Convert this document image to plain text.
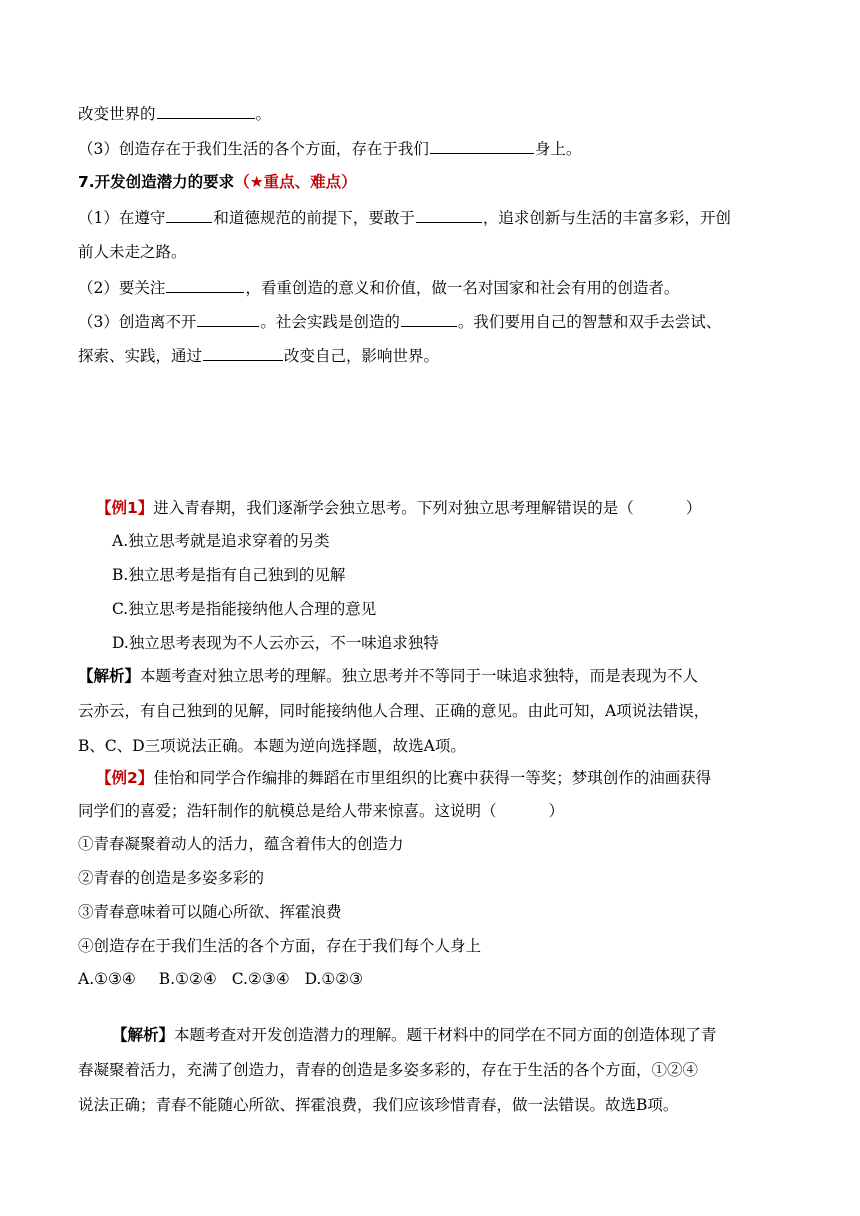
改变世界的	。
（3）创造存在于我们生活的各个方面，存在于我们	身上。
7.开发创造潜力的要求（★重点、难点）
（1）在遵守	和道德规范的前提下，要敢于	，追求创新与生活的丰富多彩，开创
前人未走之路。
（2）要关注	，看重创造的意义和价值，做一名对国家和社会有用的创造者。
（3）创造离不开	。社会实践是创造的	。我们要用自己的智慧和双手去尝试、
探索、实践，通过	改变自己，影响世界。
【例1】进入青春期，我们逐渐学会独立思考。下列对独立思考理解错误的是（	）
A.独立思考就是追求穿着的另类
B.独立思考是指有自己独到的见解
C.独立思考是指能接纳他人合理的意见
D.独立思考表现为不人云亦云，不一味追求独特
【解析】本题考查对独立思考的理解。独立思考并不等同于一味追求独特，而是表现为不人
云亦云，有自己独到的见解，同时能接纳他人合理、正确的意见。由此可知，A项说法错误，
B、C、D三项说法正确。本题为逆向选择题，故选A项。
【例2】佳怡和同学合作编排的舞蹈在市里组织的比赛中获得一等奖；梦琪创作的油画获得
同学们的喜爱；浩轩制作的航模总是给人带来惊喜。这说明（	）
①青春凝聚着动人的活力，蕴含着伟大的创造力
②青春的创造是多姿多彩的
③青春意味着可以随心所欲、挥霍浪费
④创造存在于我们生活的各个方面，存在于我们每个人身上
A.①③④ B.①②④ C.②③④ D.①②③
【解析】本题考查对开发创造潜力的理解。题干材料中的同学在不同方面的创造体现了青
春凝聚着活力，充满了创造力，青春的创造是多姿多彩的，存在于生活的各个方面，①②④
说法正确；青春不能随心所欲、挥霍浪费，我们应该珍惜青春，做一法错误。故选B项。
